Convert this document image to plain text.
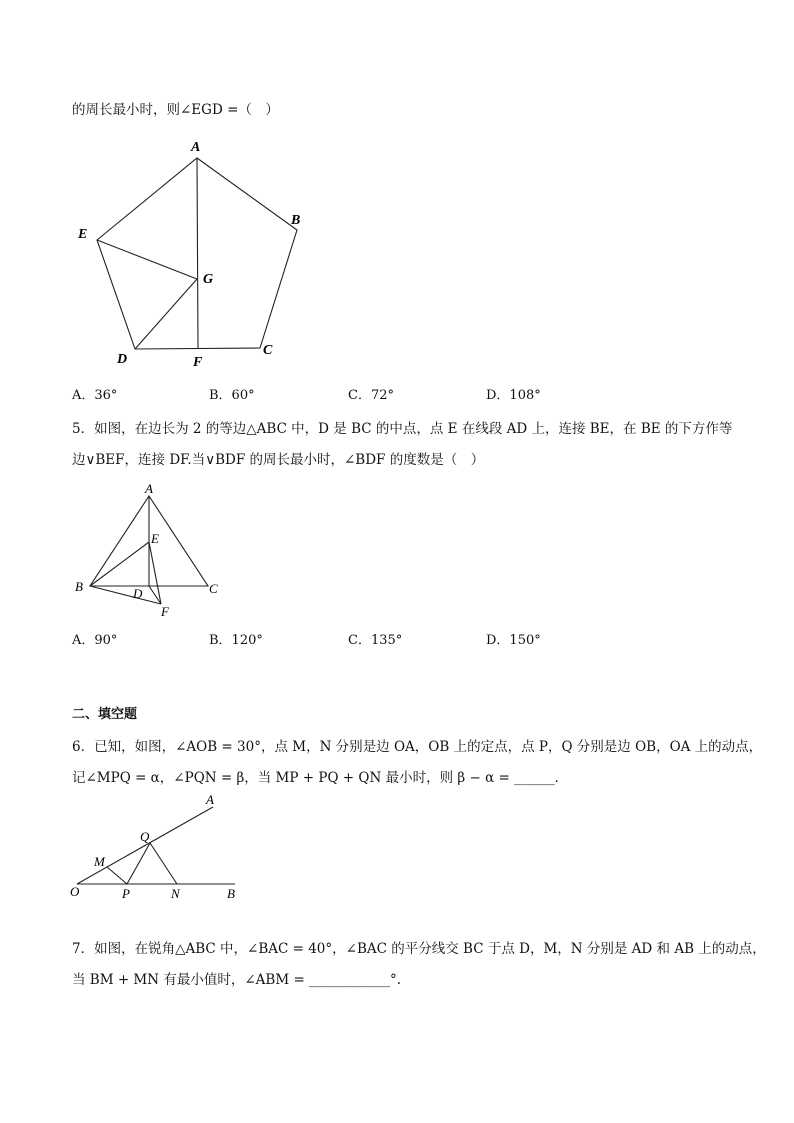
的周长最小时，则∠EGD =（　）
A
B
C
D
E
F
G
A．36°	B．60°	C．72°	D．108°
5．如图，在边长为 2 的等边△ABC 中，D 是 BC 的中点，点 E 在线段 AD 上，连接 BE，在 BE 的下方作等
边∨BEF，连接 DF.当∨BDF 的周长最小时，∠BDF 的度数是（　）
A
B	C
D
E
F
A．90°	B．120°	C．135°	D．150°
二、填空题
6．已知，如图，∠AOB = 30°，点 M，N 分别是边 OA，OB 上的定点，点 P，Q 分别是边 OB，OA 上的动点，
记∠MPQ = α，∠PQN = β，当 MP + PQ + QN 最小时，则 β − α = ______．
A
B
O
M
N
P
Q
7．如图，在锐角△ABC 中，∠BAC = 40°，∠BAC 的平分线交 BC 于点 D，M，N 分别是 AD 和 AB 上的动点，
当 BM + MN 有最小值时，∠ABM = ____________°.
